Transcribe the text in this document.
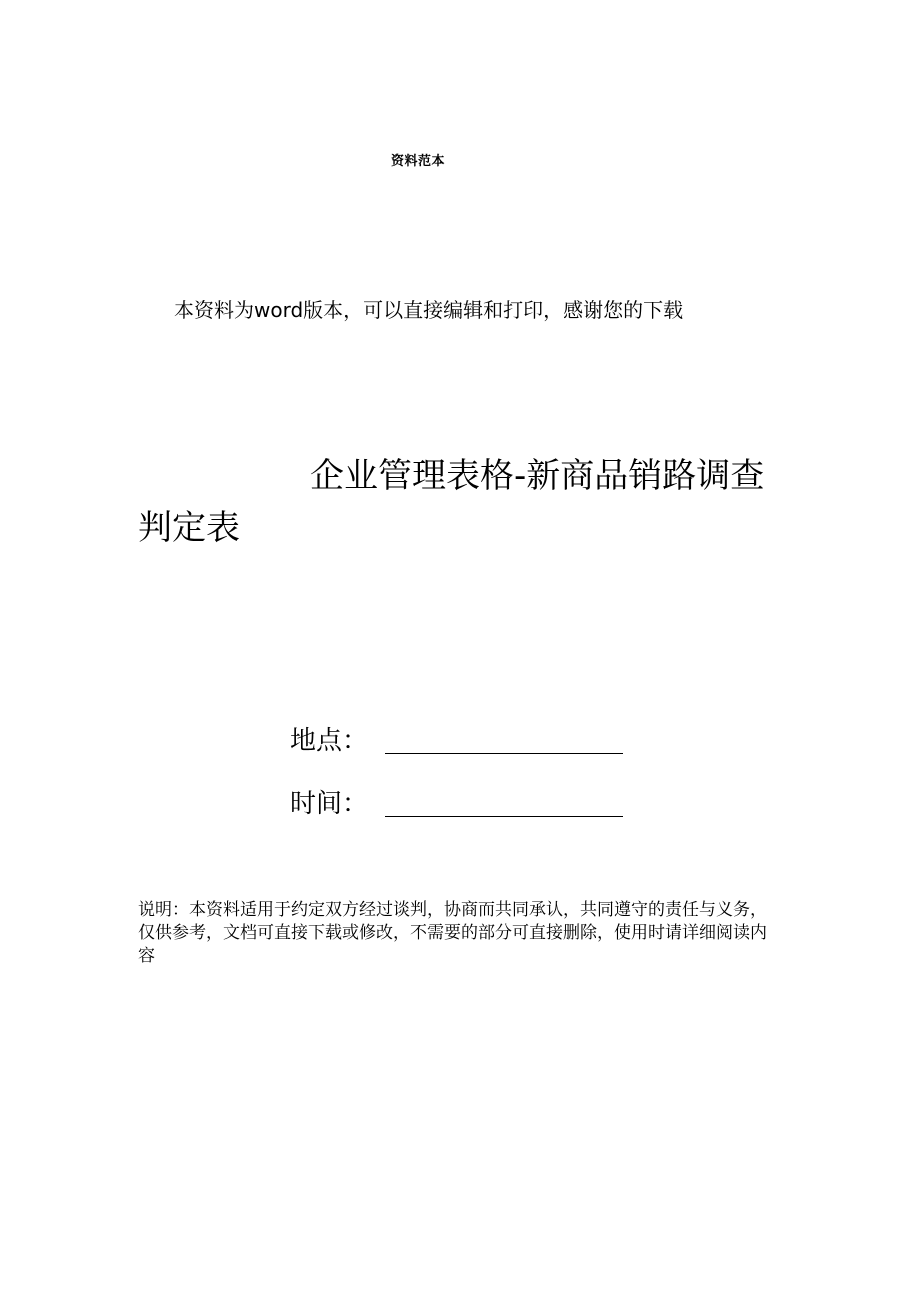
资料范本
本资料为word版本，可以直接编辑和打印，感谢您的下载
企业管理表格-新商品销路调查判定表
地点：
时间：
说明：本资料适用于约定双方经过谈判，协商而共同承认，共同遵守的责任与义务，仅供参考，文档可直接下载或修改，不需要的部分可直接删除，使用时请详细阅读内容
